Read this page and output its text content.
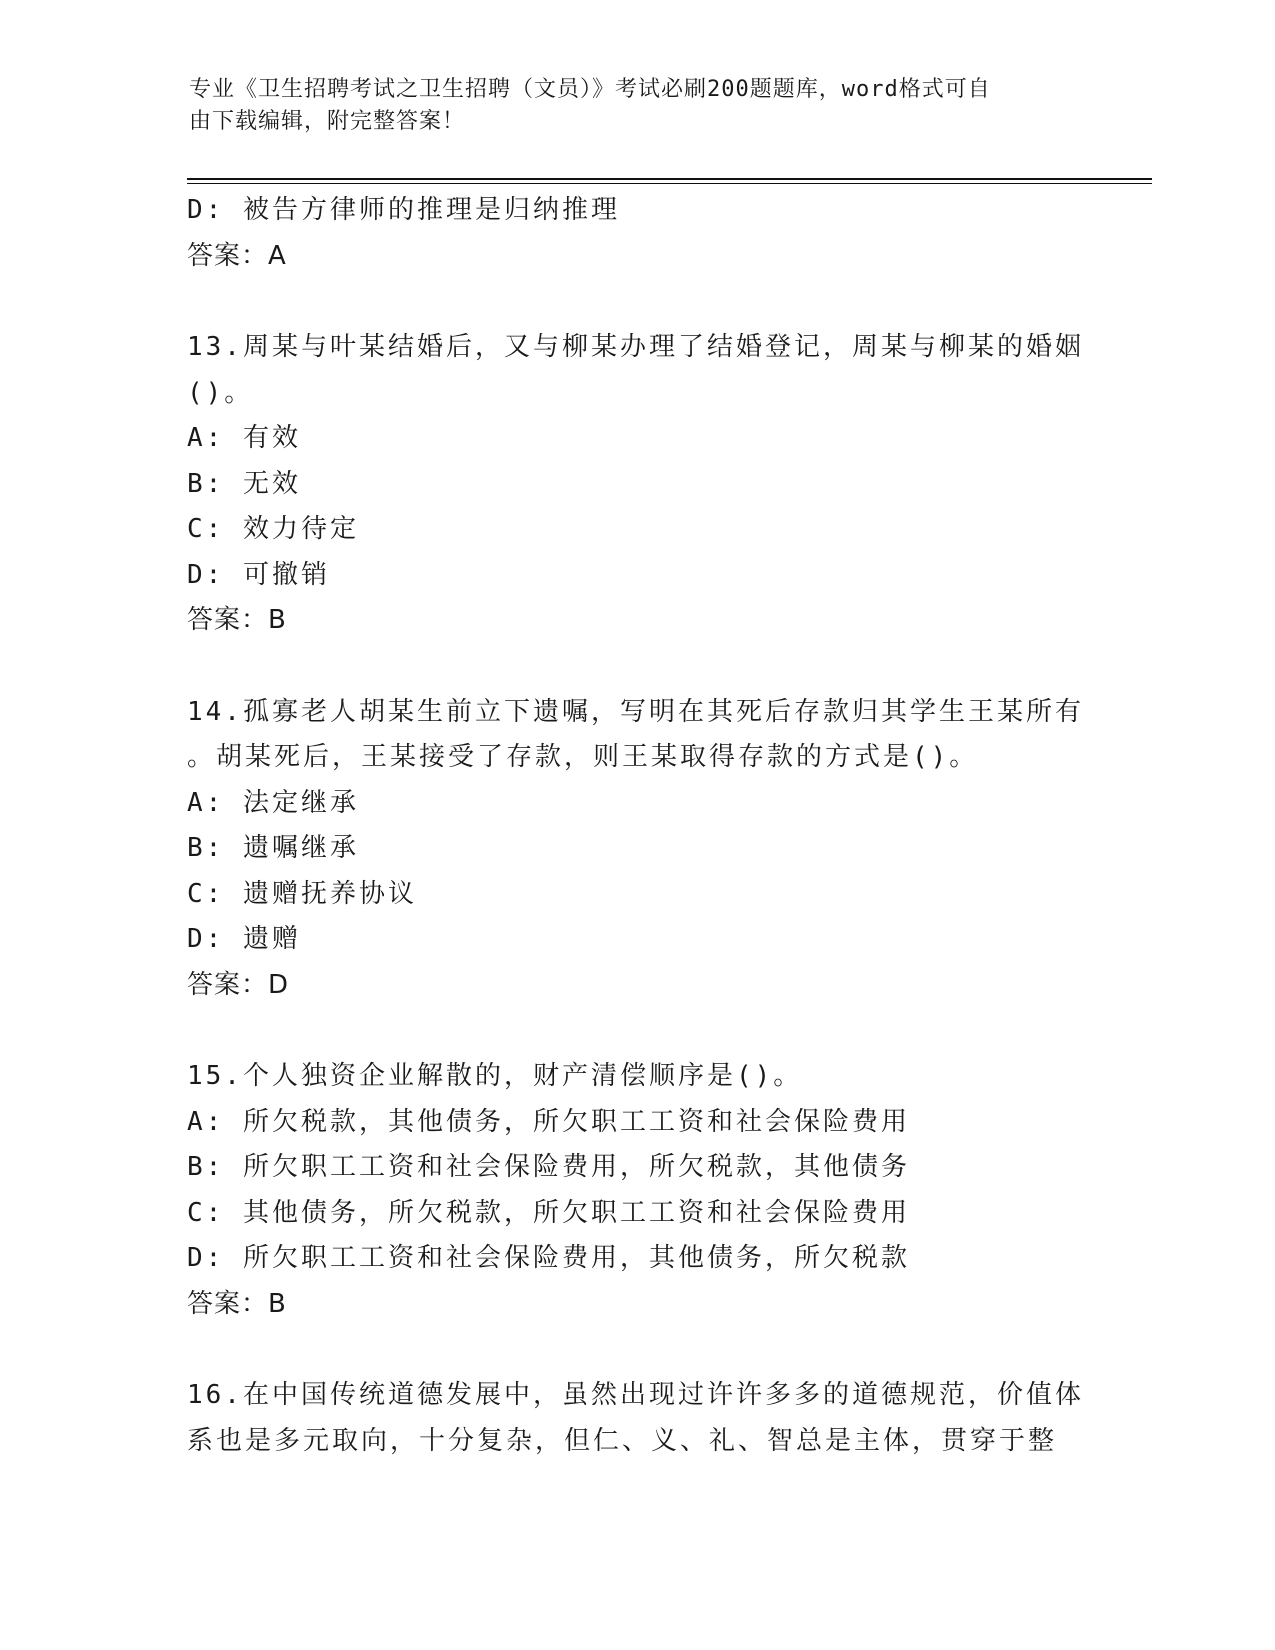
专业《卫生招聘考试之卫生招聘（文员）》考试必刷200题题库，word格式可自
由下载编辑，附完整答案！
D: 被告方律师的推理是归纳推理
答案：A
13.周某与叶某结婚后，又与柳某办理了结婚登记，周某与柳某的婚姻
()。
A: 有效
B: 无效
C: 效力待定
D: 可撤销
答案：B
14.孤寡老人胡某生前立下遗嘱，写明在其死后存款归其学生王某所有
。胡某死后，王某接受了存款，则王某取得存款的方式是()。
A: 法定继承
B: 遗嘱继承
C: 遗赠抚养协议
D: 遗赠
答案：D
15.个人独资企业解散的，财产清偿顺序是()。
A: 所欠税款，其他债务，所欠职工工资和社会保险费用
B: 所欠职工工资和社会保险费用，所欠税款，其他债务
C: 其他债务，所欠税款，所欠职工工资和社会保险费用
D: 所欠职工工资和社会保险费用，其他债务，所欠税款
答案：B
16.在中国传统道德发展中，虽然出现过许许多多的道德规范，价值体
系也是多元取向，十分复杂，但仁、义、礼、智总是主体，贯穿于整
